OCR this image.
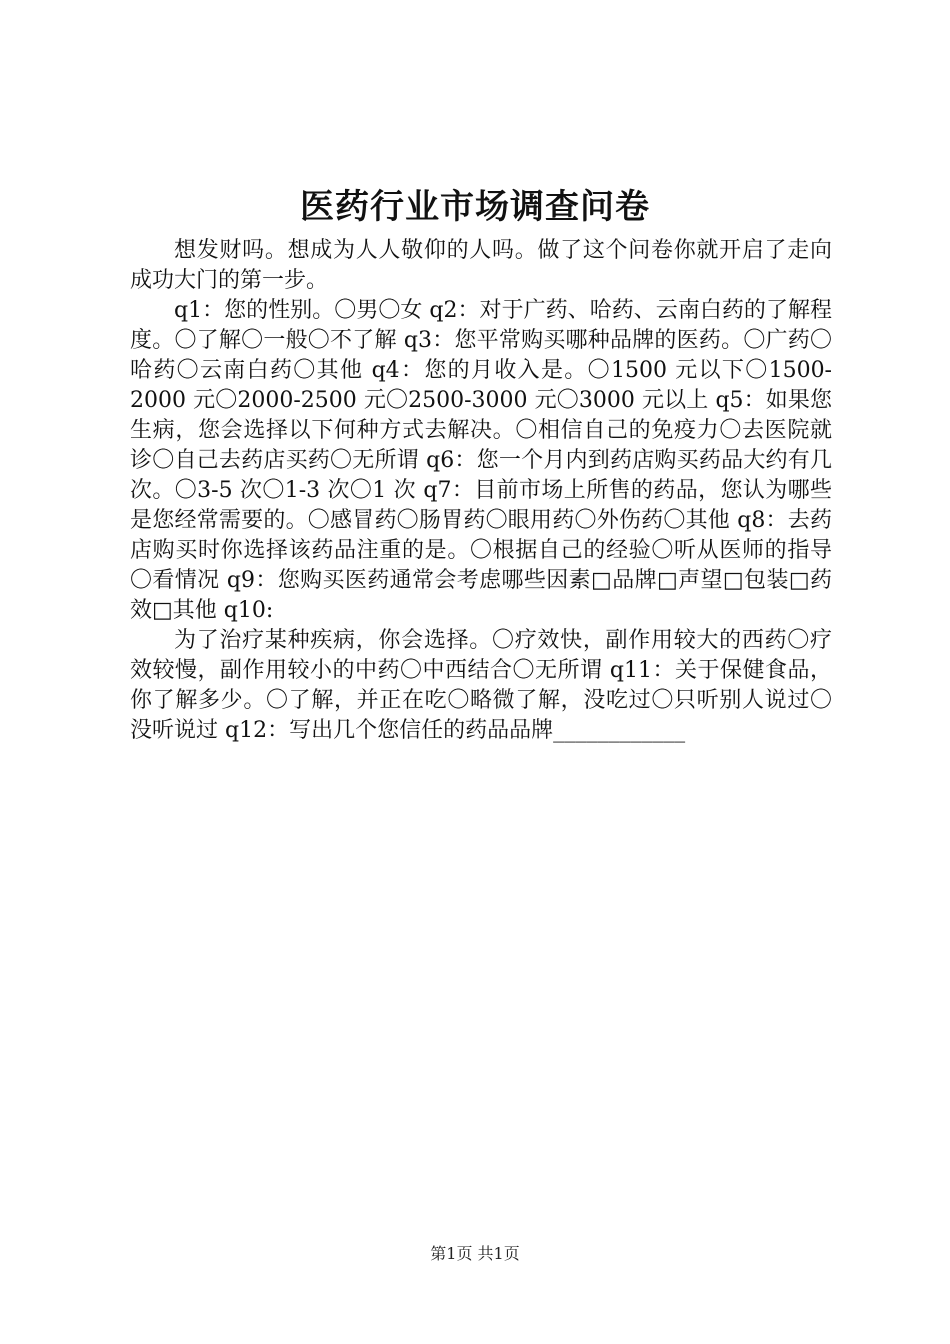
医药行业市场调查问卷

想发财吗。想成为人人敬仰的人吗。做了这个问卷你就开启了走向成功大门的第一步。

q1：您的性别。〇男〇女 q2：对于广药、哈药、云南白药的了解程度。〇了解〇一般〇不了解 q3：您平常购买哪种品牌的医药。〇广药〇哈药〇云南白药〇其他 q4：您的月收入是。〇1500 元以下〇1500-2000 元〇2000-2500 元〇2500-3000 元〇3000 元以上 q5：如果您生病，您会选择以下何种方式去解决。〇相信自己的免疫力〇去医院就诊〇自己去药店买药〇无所谓 q6：您一个月内到药店购买药品大约有几次。〇3-5 次〇1-3 次〇1 次 q7：目前市场上所售的药品，您认为哪些是您经常需要的。〇感冒药〇肠胃药〇眼用药〇外伤药〇其他 q8：去药店购买时你选择该药品注重的是。〇根据自己的经验〇听从医师的指导〇看情况 q9：您购买医药通常会考虑哪些因素□品牌□声望□包装□药效□其他 q10:

为了治疗某种疾病，你会选择。〇疗效快，副作用较大的西药〇疗效较慢，副作用较小的中药〇中西结合〇无所谓 q11：关于保健食品，你了解多少。〇了解，并正在吃〇略微了解，没吃过〇只听别人说过〇没听说过 q12：写出几个您信任的药品品牌____________

第1页 共1页
